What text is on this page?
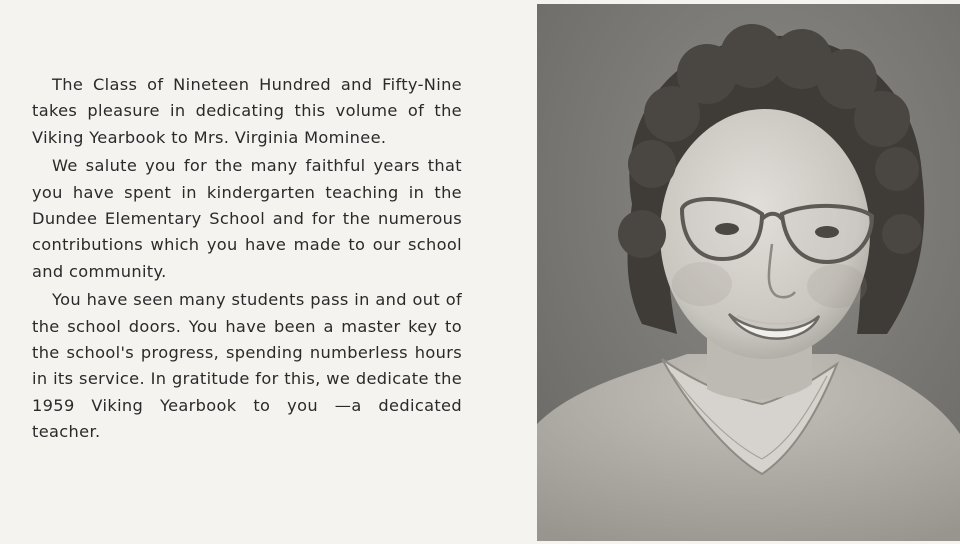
The Class of Nineteen Hundred and Fifty-Nine takes pleasure in dedicating this volume of the Viking Yearbook to Mrs. Virginia Mominee.

We salute you for the many faithful years that you have spent in kindergarten teaching in the Dundee Elementary School and for the numerous contributions which you have made to our school and community.

You have seen many students pass in and out of the school doors. You have been a master key to the school's progress, spending numberless hours in its service. In gratitude for this, we dedicate the 1959 Viking Yearbook to you —a dedicated teacher.
